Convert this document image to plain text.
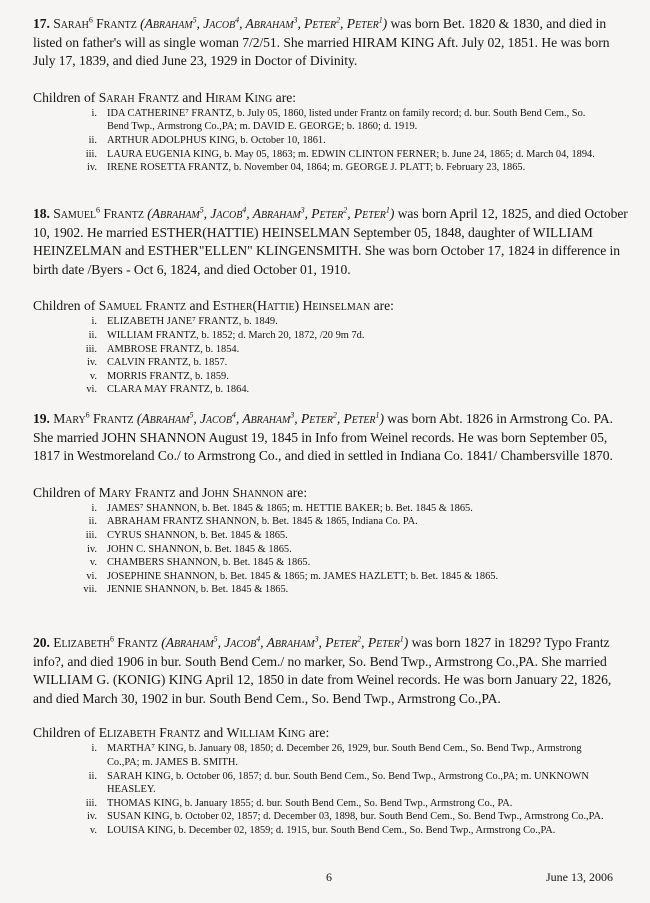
17. Sarah$^6$ Frantz (Abraham$^5$, Jacob$^4$, Abraham$^3$, Peter$^2$, Peter$^1$) was born Bet. 1820 & 1830, and died in listed on father's will as single woman 7/2/51. She married HIRAM KING Aft. July 02, 1851. He was born July 17, 1839, and died June 23, 1929 in Doctor of Divinity.

Children of Sarah Frantz and Hiram King are:

i. IDA CATHERINE⁷ FRANTZ, b. July 05, 1860, listed under Frantz on family record; d. bur. South Bend Cem., So. Bend Twp., Armstrong Co.,PA; m. DAVID E. GEORGE; b. 1860; d. 1919.
ii. ARTHUR ADOLPHUS KING, b. October 10, 1861.
iii. LAURA EUGENIA KING, b. May 05, 1863; m. EDWIN CLINTON FERNER; b. June 24, 1865; d. March 04, 1894.
iv. IRENE ROSETTA FRANTZ, b. November 04, 1864; m. GEORGE J. PLATT; b. February 23, 1865.

18. Samuel$^6$ Frantz (Abraham$^5$, Jacob$^4$, Abraham$^3$, Peter$^2$, Peter$^1$) was born April 12, 1825, and died October 10, 1902. He married ESTHER(HATTIE) HEINSELMAN September 05, 1848, daughter of WILLIAM HEINZELMAN and ESTHER"ELLEN" KLINGENSMITH. She was born October 17, 1824 in difference in birth date /Byers - Oct 6, 1824, and died October 01, 1910.

Children of Samuel Frantz and Esther(Hattie) Heinselman are:

i. ELIZABETH JANE⁷ FRANTZ, b. 1849.
ii. WILLIAM FRANTZ, b. 1852; d. March 20, 1872, /20 9m 7d.
iii. AMBROSE FRANTZ, b. 1854.
iv. CALVIN FRANTZ, b. 1857.
v. MORRIS FRANTZ, b. 1859.
vi. CLARA MAY FRANTZ, b. 1864.

19. Mary$^6$ Frantz (Abraham$^5$, Jacob$^4$, Abraham$^3$, Peter$^2$, Peter$^1$) was born Abt. 1826 in Armstrong Co. PA. She married JOHN SHANNON August 19, 1845 in Info from Weinel records. He was born September 05, 1817 in Westmoreland Co./ to Armstrong Co., and died in settled in Indiana Co. 1841/ Chambersville 1870.

Children of Mary Frantz and John Shannon are:

i. JAMES⁷ SHANNON, b. Bet. 1845 & 1865; m. HETTIE BAKER; b. Bet. 1845 & 1865.
ii. ABRAHAM FRANTZ SHANNON, b. Bet. 1845 & 1865, Indiana Co. PA.
iii. CYRUS SHANNON, b. Bet. 1845 & 1865.
iv. JOHN C. SHANNON, b. Bet. 1845 & 1865.
v. CHAMBERS SHANNON, b. Bet. 1845 & 1865.
vi. JOSEPHINE SHANNON, b. Bet. 1845 & 1865; m. JAMES HAZLETT; b. Bet. 1845 & 1865.
vii. JENNIE SHANNON, b. Bet. 1845 & 1865.

20. Elizabeth$^6$ Frantz (Abraham$^5$, Jacob$^4$, Abraham$^3$, Peter$^2$, Peter$^1$) was born 1827 in 1829? Typo Frantz info?, and died 1906 in bur. South Bend Cem./ no marker, So. Bend Twp., Armstrong Co.,PA. She married WILLIAM G. (KONIG) KING April 12, 1850 in date from Weinel records. He was born January 22, 1826, and died March 30, 1902 in bur. South Bend Cem., So. Bend Twp., Armstrong Co.,PA.

Children of Elizabeth Frantz and William King are:

i. MARTHA⁷ KING, b. January 08, 1850; d. December 26, 1929, bur. South Bend Cem., So. Bend Twp., Armstrong Co.,PA; m. JAMES B. SMITH.
ii. SARAH KING, b. October 06, 1857; d. bur. South Bend Cem., So. Bend Twp., Armstrong Co.,PA; m. UNKNOWN HEASLEY.
iii. THOMAS KING, b. January 1855; d. bur. South Bend Cem., So. Bend Twp., Armstrong Co., PA.
iv. SUSAN KING, b. October 02, 1857; d. December 03, 1898, bur. South Bend Cem., So. Bend Twp., Armstrong Co.,PA.
v. LOUISA KING, b. December 02, 1859; d. 1915, bur. South Bend Cem., So. Bend Twp., Armstrong Co.,PA.
6	June 13, 2006
